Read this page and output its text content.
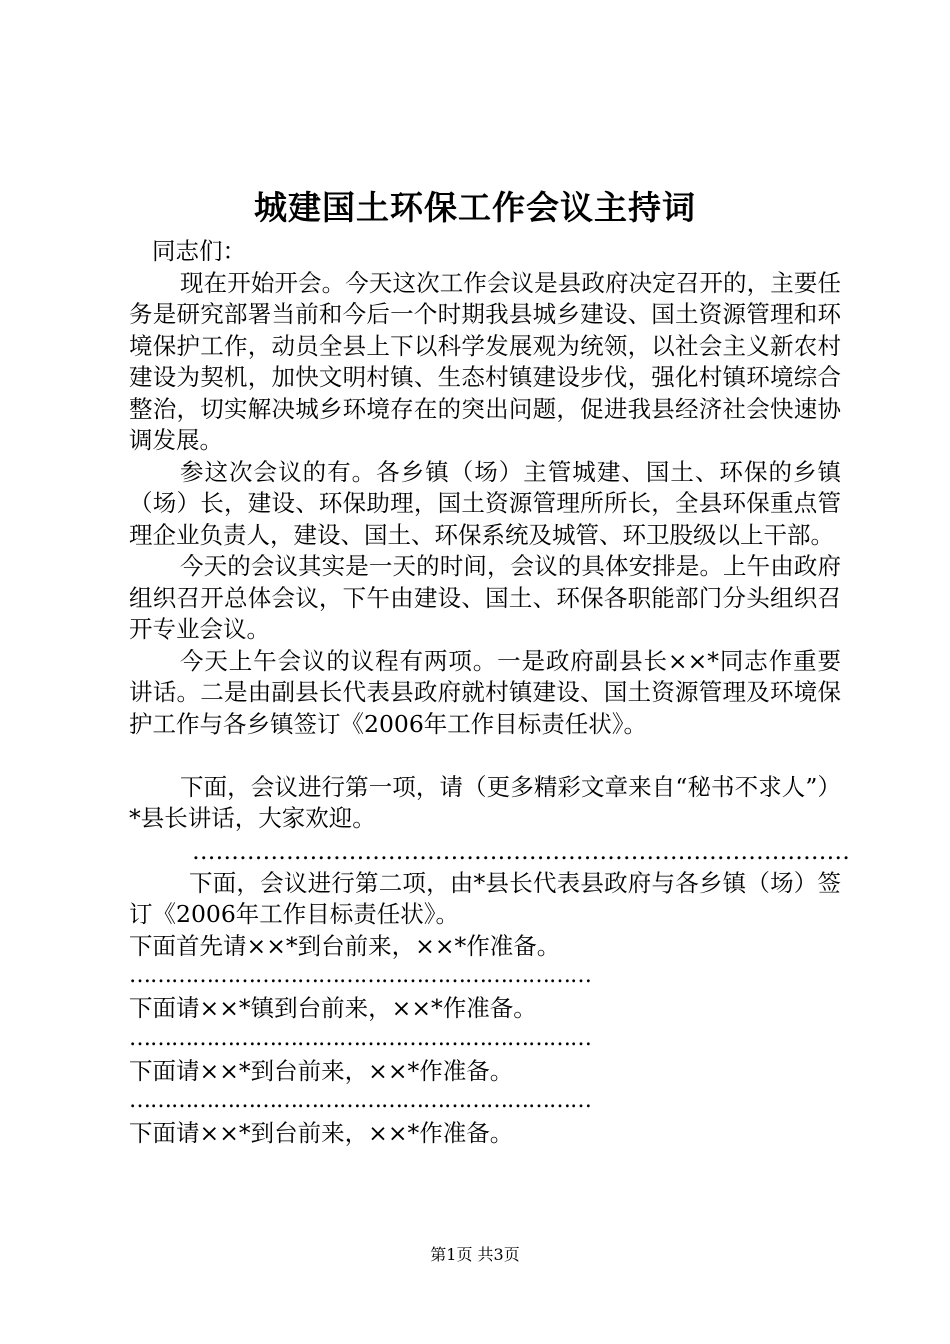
城建国土环保工作会议主持词

同志们：

现在开始开会。今天这次工作会议是县政府决定召开的，主要任务是研究部署当前和今后一个时期我县城乡建设、国土资源管理和环境保护工作，动员全县上下以科学发展观为统领，以社会主义新农村建设为契机，加快文明村镇、生态村镇建设步伐，强化村镇环境综合整治，切实解决城乡环境存在的突出问题，促进我县经济社会快速协调发展。

参这次会议的有。各乡镇（场）主管城建、国土、环保的乡镇（场）长，建设、环保助理，国土资源管理所所长，全县环保重点管理企业负责人，建设、国土、环保系统及城管、环卫股级以上干部。

今天的会议其实是一天的时间，会议的具体安排是。上午由政府组织召开总体会议，下午由建设、国土、环保各职能部门分头组织召开专业会议。

今天上午会议的议程有两项。一是政府副县长××*同志作重要讲话。二是由副县长代表县政府就村镇建设、国土资源管理及环境保护工作与各乡镇签订《2006年工作目标责任状》。

下面，会议进行第一项，请（更多精彩文章来自“秘书不求人”）*县长讲话，大家欢迎。

…………………………………………………………………………

下面，会议进行第二项，由*县长代表县政府与各乡镇（场）签订《2006年工作目标责任状》。

下面首先请××*到台前来，××*作准备。

…………………………………………………………

下面请××*镇到台前来，××*作准备。

…………………………………………………………

下面请××*到台前来，××*作准备。

…………………………………………………………

下面请××*到台前来，××*作准备。

第1页 共3页
